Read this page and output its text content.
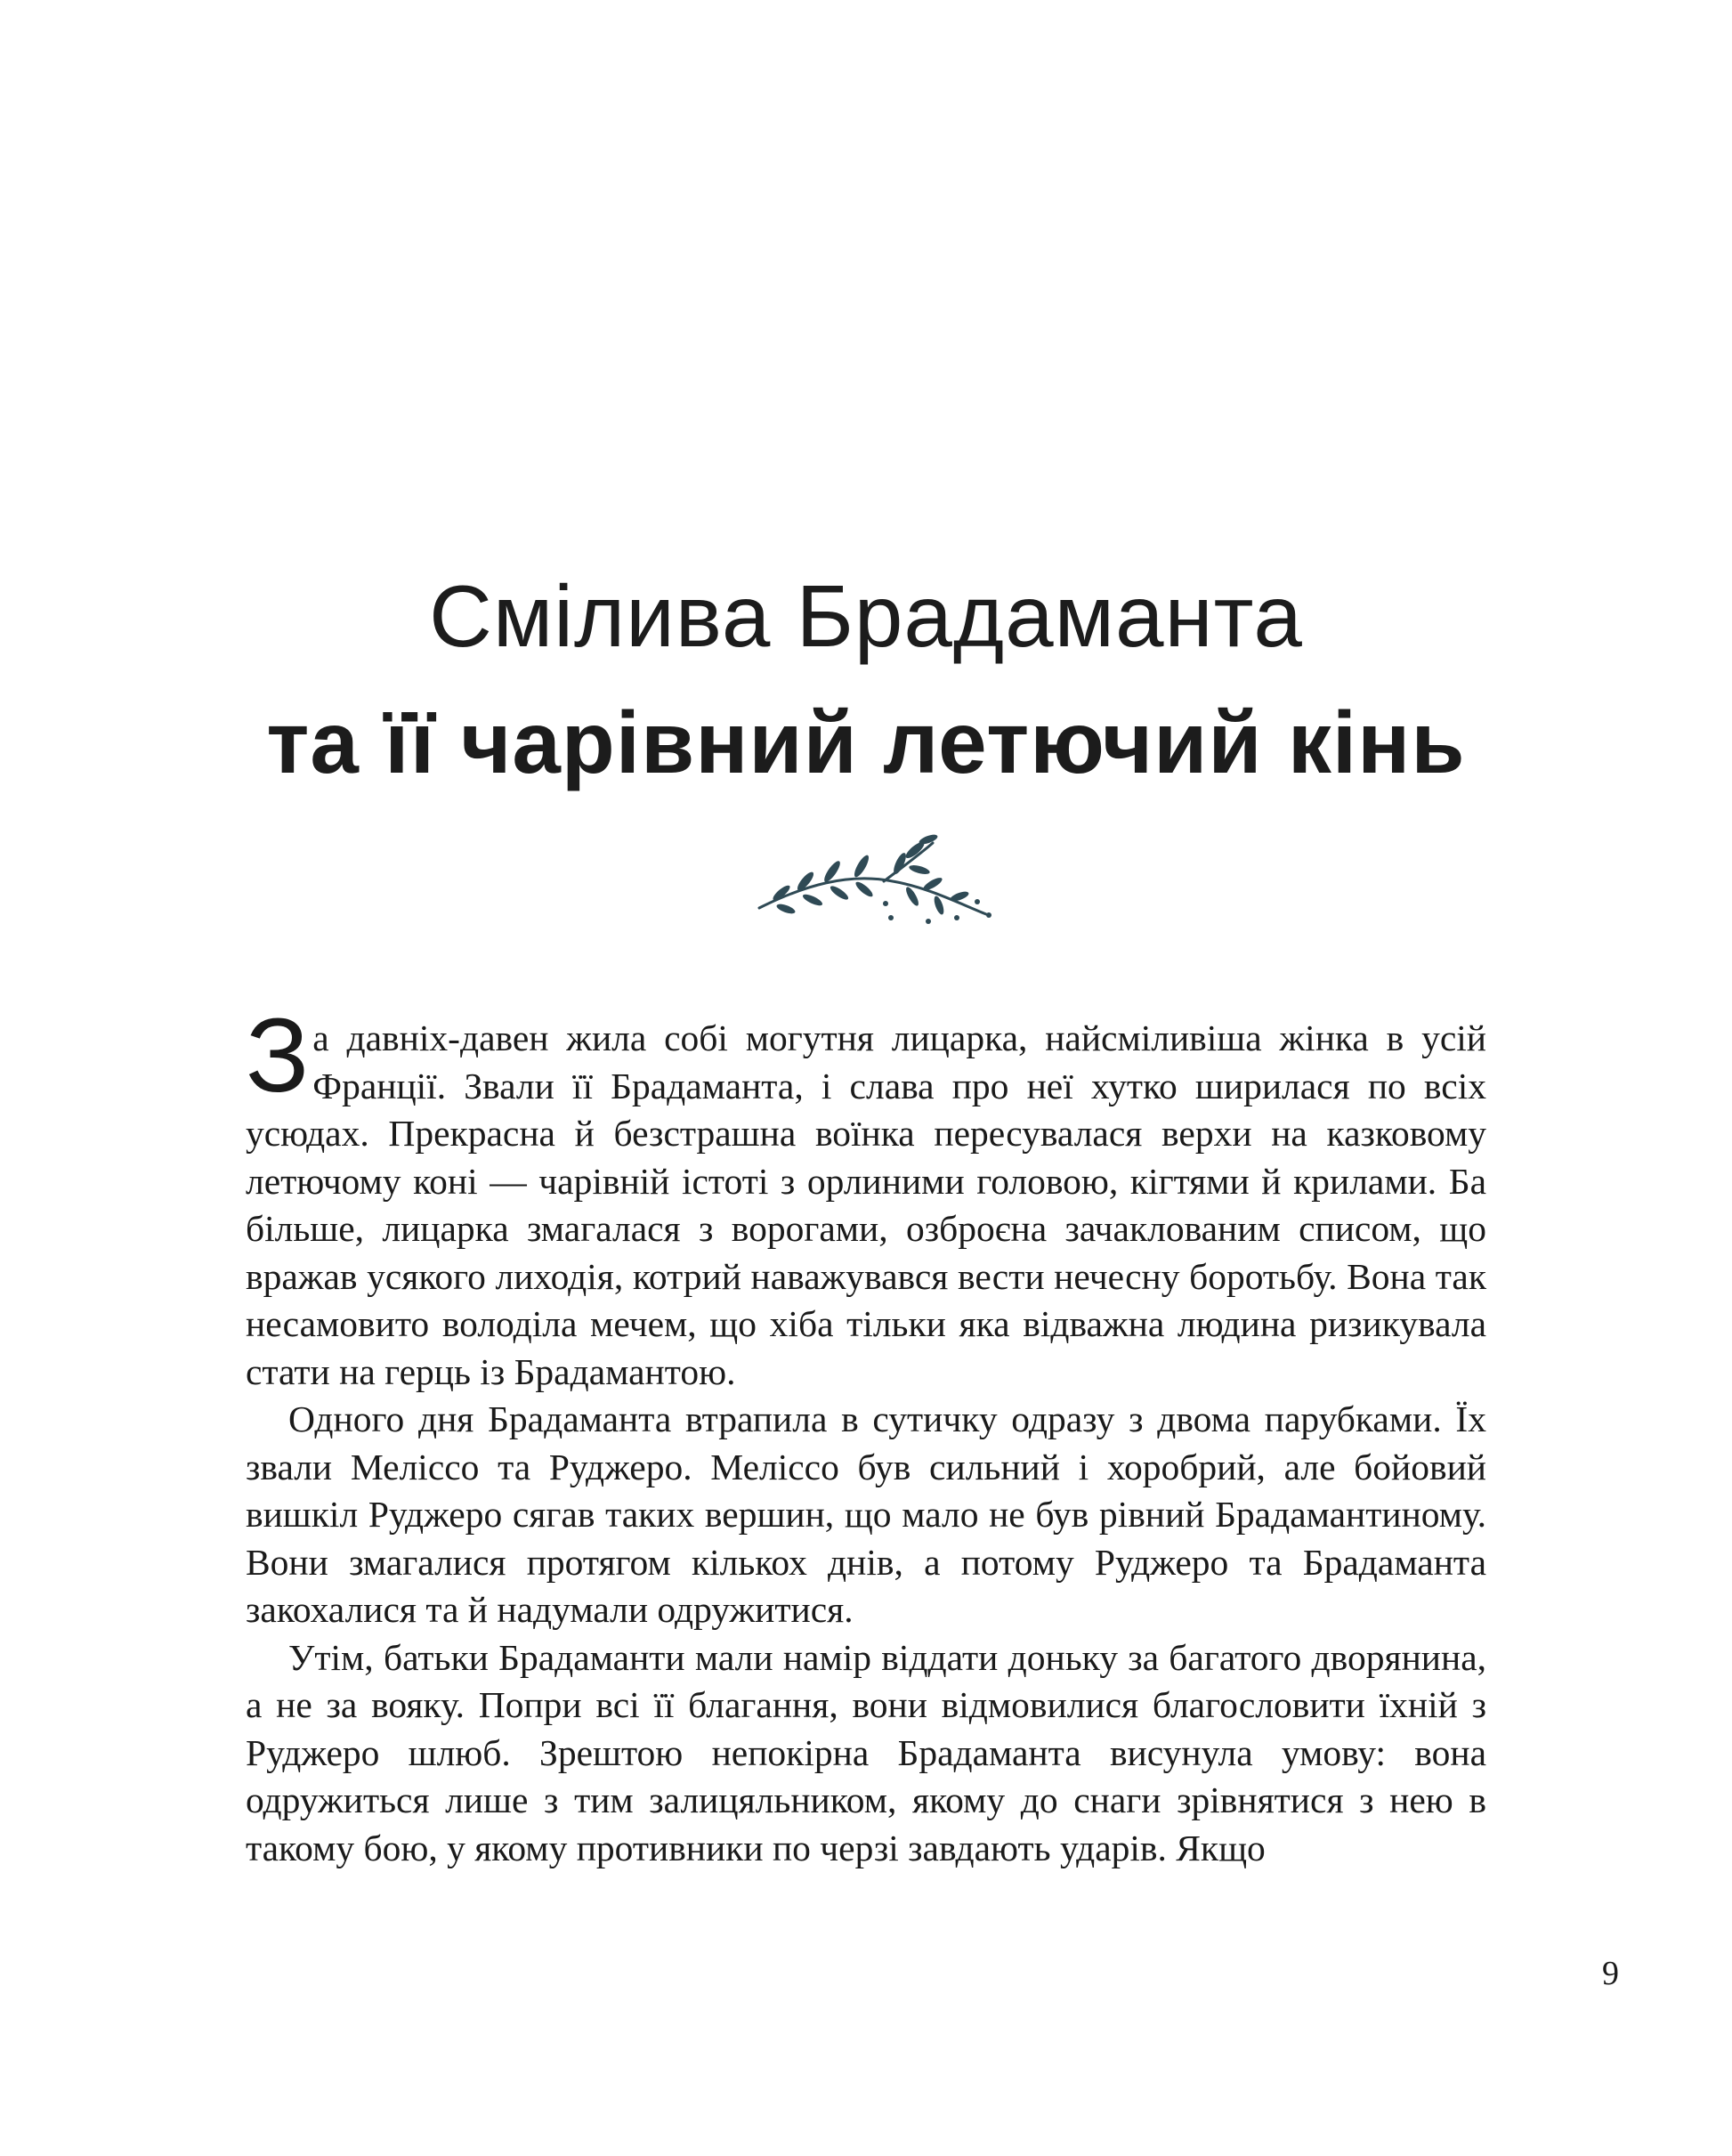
Смілива Брадаманта
та її чарівний летючий кінь

За давніх-давен жила собі могутня лицарка, найсміливіша жінка в усій Франції. Звали її Брадаманта, і слава про неї хутко ширилася по всіх усюдах. Прекрасна й безстрашна воїнка пересувалася верхи на казковому летючому коні — чарівній істоті з орлиними головою, кігтями й крилами. Ба більше, лицарка змагалася з ворогами, озброєна зачаклованим списом, що вражав усякого лиходія, котрий наважувався вести нечесну боротьбу. Вона так несамовито володіла мечем, що хіба тільки яка відважна людина ризикувала стати на герць із Брадамантою.

Одного дня Брадаманта втрапила в сутичку одразу з двома парубками. Їх звали Мелiссо та Руджеро. Мелiссо був сильний і хоробрий, але бойовий вишкіл Руджеро сягав таких вершин, що мало не був рівний Брадамантиному. Вони змагалися протягом кількох днів, а потому Руджеро та Брадаманта закохалися та й надумали одружитися.

Утім, батьки Брадаманти мали намір віддати доньку за багатого дворянина, а не за вояку. Попри всі її благання, вони відмовилися благословити їхній з Руджеро шлюб. Зрештою непокірна Брадаманта висунула умову: вона одружиться лише з тим залицяльником, якому до снаги зрівнятися з нею в такому бою, у якому противники по черзі завдають ударів. Якщо

9
